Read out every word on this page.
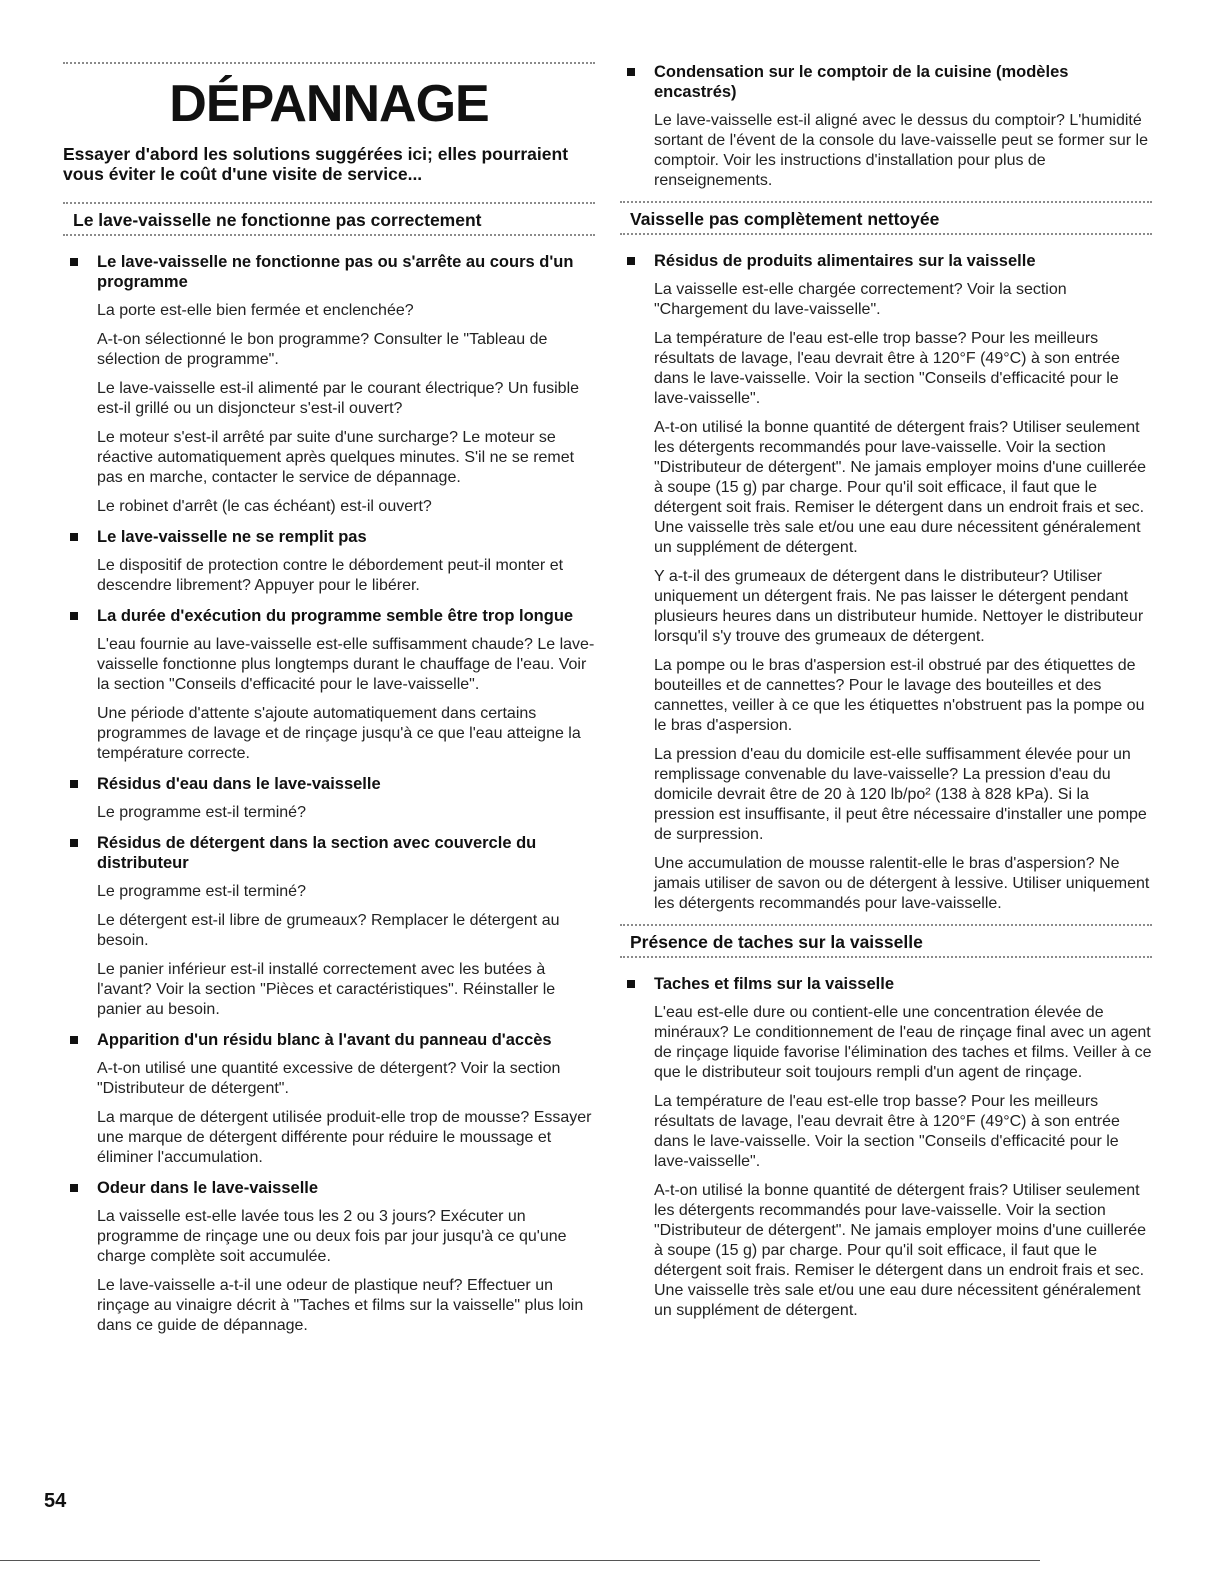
DÉPANNAGE

Essayer d'abord les solutions suggérées ici; elles pourraient vous éviter le coût d'une visite de service...

Le lave-vaisselle ne fonctionne pas correctement
Le lave-vaisselle ne fonctionne pas ou s'arrête au cours d'un programme

La porte est-elle bien fermée et enclenchée?

A-t-on sélectionné le bon programme? Consulter le "Tableau de sélection de programme".

Le lave-vaisselle est-il alimenté par le courant électrique? Un fusible est-il grillé ou un disjoncteur s'est-il ouvert?

Le moteur s'est-il arrêté par suite d'une surcharge? Le moteur se réactive automatiquement après quelques minutes. S'il ne se remet pas en marche, contacter le service de dépannage.

Le robinet d'arrêt (le cas échéant) est-il ouvert?

Le lave-vaisselle ne se remplit pas

Le dispositif de protection contre le débordement peut-il monter et descendre librement? Appuyer pour le libérer.

La durée d'exécution du programme semble être trop longue

L'eau fournie au lave-vaisselle est-elle suffisamment chaude? Le lave-vaisselle fonctionne plus longtemps durant le chauffage de l'eau. Voir la section "Conseils d'efficacité pour le lave-vaisselle".

Une période d'attente s'ajoute automatiquement dans certains programmes de lavage et de rinçage jusqu'à ce que l'eau atteigne la température correcte.

Résidus d'eau dans le lave-vaisselle

Le programme est-il terminé?

Résidus de détergent dans la section avec couvercle du distributeur

Le programme est-il terminé?

Le détergent est-il libre de grumeaux? Remplacer le détergent au besoin.

Le panier inférieur est-il installé correctement avec les butées à l'avant? Voir la section "Pièces et caractéristiques". Réinstaller le panier au besoin.

Apparition d'un résidu blanc à l'avant du panneau d'accès

A-t-on utilisé une quantité excessive de détergent? Voir la section "Distributeur de détergent".

La marque de détergent utilisée produit-elle trop de mousse? Essayer une marque de détergent différente pour réduire le moussage et éliminer l'accumulation.

Odeur dans le lave-vaisselle

La vaisselle est-elle lavée tous les 2 ou 3 jours? Exécuter un programme de rinçage une ou deux fois par jour jusqu'à ce qu'une charge complète soit accumulée.

Le lave-vaisselle a-t-il une odeur de plastique neuf? Effectuer un rinçage au vinaigre décrit à "Taches et films sur la vaisselle" plus loin dans ce guide de dépannage.

Condensation sur le comptoir de la cuisine (modèles encastrés)

Le lave-vaisselle est-il aligné avec le dessus du comptoir? L'humidité sortant de l'évent de la console du lave-vaisselle peut se former sur le comptoir. Voir les instructions d'installation pour plus de renseignements.

Vaisselle pas complètement nettoyée
Résidus de produits alimentaires sur la vaisselle

La vaisselle est-elle chargée correctement? Voir la section "Chargement du lave-vaisselle".

La température de l'eau est-elle trop basse? Pour les meilleurs résultats de lavage, l'eau devrait être à 120°F (49°C) à son entrée dans le lave-vaisselle. Voir la section "Conseils d'efficacité pour le lave-vaisselle".

A-t-on utilisé la bonne quantité de détergent frais? Utiliser seulement les détergents recommandés pour lave-vaisselle. Voir la section "Distributeur de détergent". Ne jamais employer moins d'une cuillerée à soupe (15 g) par charge. Pour qu'il soit efficace, il faut que le détergent soit frais. Remiser le détergent dans un endroit frais et sec. Une vaisselle très sale et/ou une eau dure nécessitent généralement un supplément de détergent.

Y a-t-il des grumeaux de détergent dans le distributeur? Utiliser uniquement un détergent frais. Ne pas laisser le détergent pendant plusieurs heures dans un distributeur humide. Nettoyer le distributeur lorsqu'il s'y trouve des grumeaux de détergent.

La pompe ou le bras d'aspersion est-il obstrué par des étiquettes de bouteilles et de cannettes? Pour le lavage des bouteilles et des cannettes, veiller à ce que les étiquettes n'obstruent pas la pompe ou le bras d'aspersion.

La pression d'eau du domicile est-elle suffisamment élevée pour un remplissage convenable du lave-vaisselle? La pression d'eau du domicile devrait être de 20 à 120 lb/po² (138 à 828 kPa). Si la pression est insuffisante, il peut être nécessaire d'installer une pompe de surpression.

Une accumulation de mousse ralentit-elle le bras d'aspersion? Ne jamais utiliser de savon ou de détergent à lessive. Utiliser uniquement les détergents recommandés pour lave-vaisselle.

Présence de taches sur la vaisselle
Taches et films sur la vaisselle

L'eau est-elle dure ou contient-elle une concentration élevée de minéraux? Le conditionnement de l'eau de rinçage final avec un agent de rinçage liquide favorise l'élimination des taches et films. Veiller à ce que le distributeur soit toujours rempli d'un agent de rinçage.

La température de l'eau est-elle trop basse? Pour les meilleurs résultats de lavage, l'eau devrait être à 120°F (49°C) à son entrée dans le lave-vaisselle. Voir la section "Conseils d'efficacité pour le lave-vaisselle".

A-t-on utilisé la bonne quantité de détergent frais? Utiliser seulement les détergents recommandés pour lave-vaisselle. Voir la section "Distributeur de détergent". Ne jamais employer moins d'une cuillerée à soupe (15 g) par charge. Pour qu'il soit efficace, il faut que le détergent soit frais. Remiser le détergent dans un endroit frais et sec. Une vaisselle très sale et/ou une eau dure nécessitent généralement un supplément de détergent.

54
